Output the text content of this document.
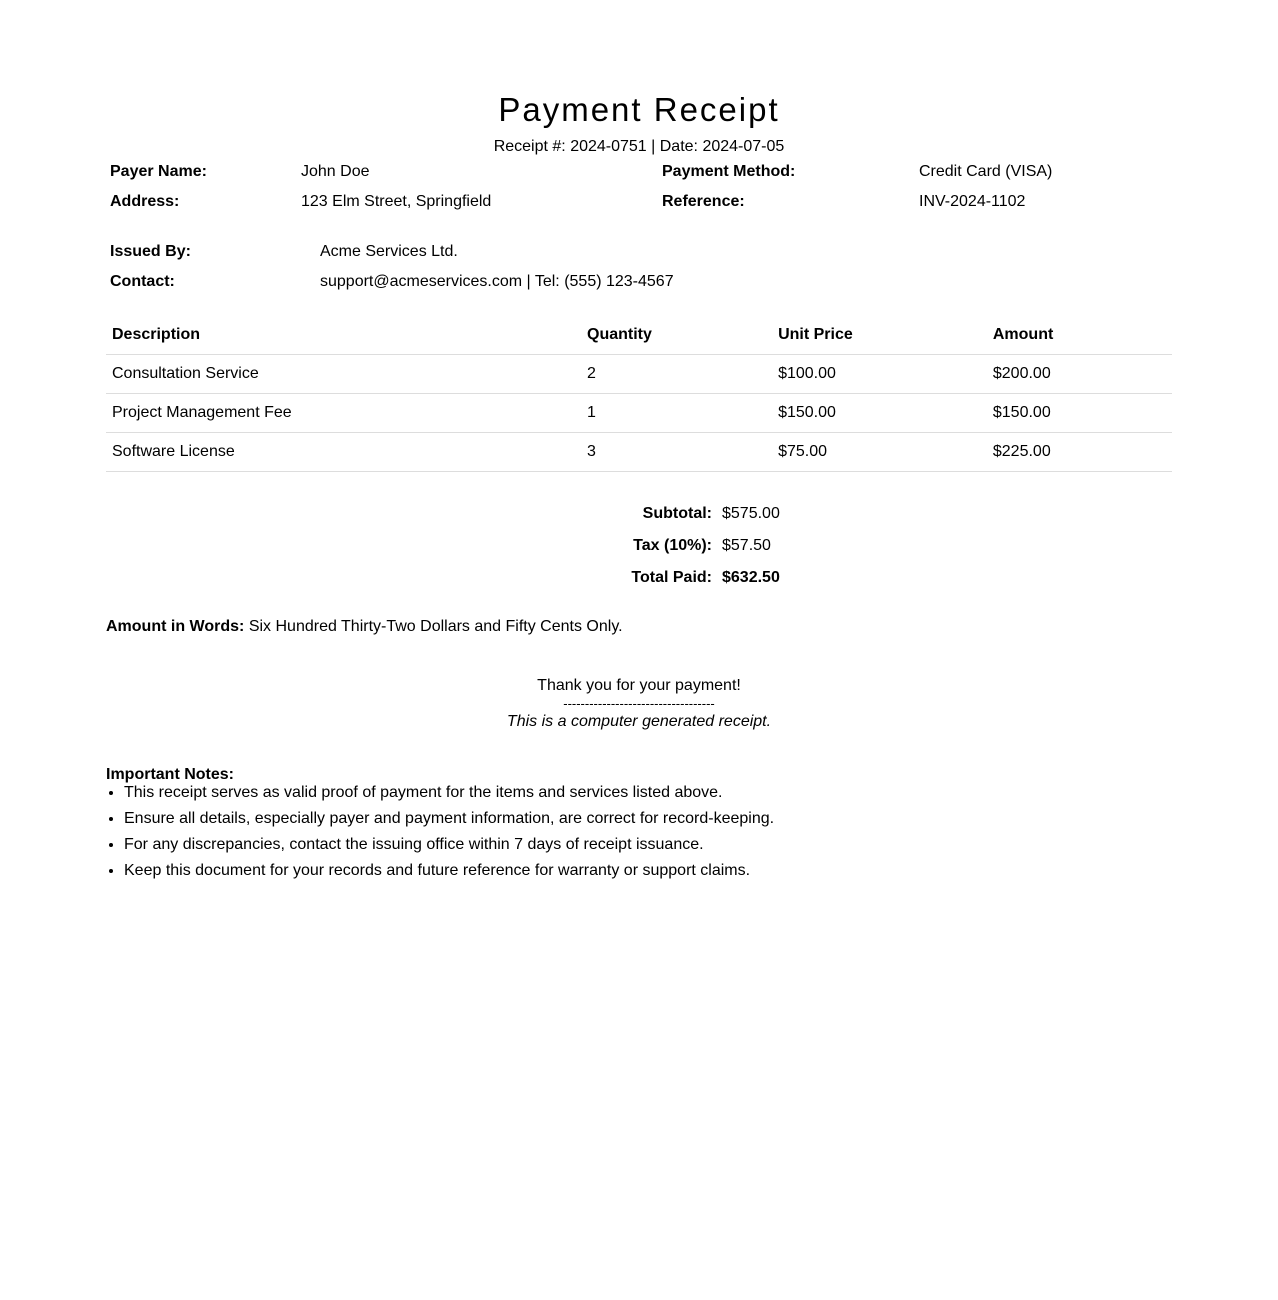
Payment Receipt
Receipt #: 2024-0751 | Date: 2024-07-05
Payer Name:	John Doe	Payment Method:	Credit Card (VISA)
Address:	123 Elm Street, Springfield	Reference:	INV-2024-1102
Issued By:	Acme Services Ltd.
Contact:	support@acmeservices.com | Tel: (555) 123-4567
Description	Quantity	Unit Price	Amount
Consultation Service	2	$100.00	$200.00
Project Management Fee	1	$150.00	$150.00
Software License	3	$75.00	$225.00
Subtotal: $575.00
Tax (10%): $57.50
Total Paid: $632.50
Amount in Words: Six Hundred Thirty-Two Dollars and Fifty Cents Only.
Thank you for your payment!
-----------------------------------
This is a computer generated receipt.
Important Notes:
• This receipt serves as valid proof of payment for the items and services listed above.
• Ensure all details, especially payer and payment information, are correct for record-keeping.
• For any discrepancies, contact the issuing office within 7 days of receipt issuance.
• Keep this document for your records and future reference for warranty or support claims.
